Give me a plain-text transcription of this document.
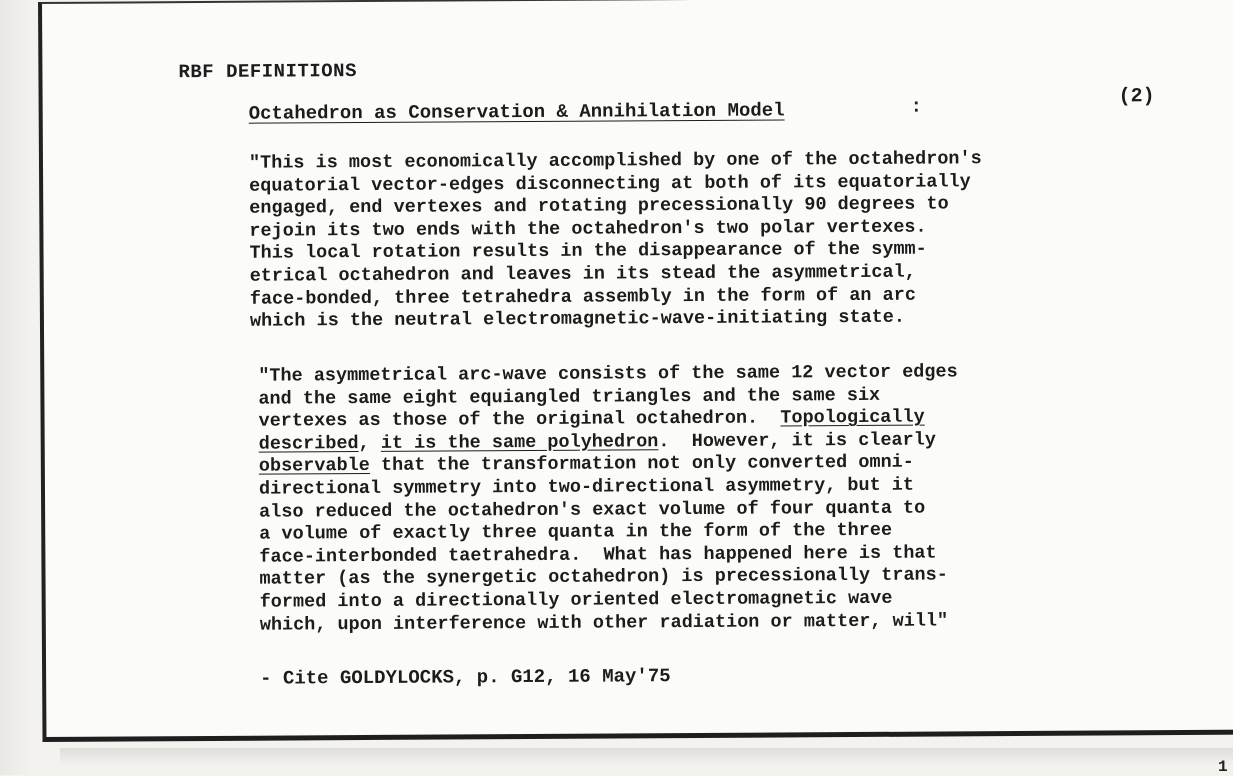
RBF DEFINITIONS
(2)
Octahedron as Conservation & Annihilation Model	:
"This is most economically accomplished by one of the octahedron's
equatorial vector-edges disconnecting at both of its equatorially
engaged, end vertexes and rotating precessionally 90 degrees to
rejoin its two ends with the octahedron's two polar vertexes.
This local rotation results in the disappearance of the symm-
etrical octahedron and leaves in its stead the asymmetrical,
face-bonded, three tetrahedra assembly in the form of an arc
which is the neutral electromagnetic-wave-initiating state.
"The asymmetrical arc-wave consists of the same 12 vector edges
and the same eight equiangled triangles and the same six
vertexes as those of the original octahedron.  Topologically
described, it is the same polyhedron.  However, it is clearly
observable that the transformation not only converted omni-
directional symmetry into two-directional asymmetry, but it
also reduced the octahedron's exact volume of four quanta to
a volume of exactly three quanta in the form of the three
face-interbonded taetrahedra.  What has happened here is that
matter (as the synergetic octahedron) is precessionally trans-
formed into a directionally oriented electromagnetic wave
which, upon interference with other radiation or matter, will"
- Cite GOLDYLOCKS, p. G12, 16 May'75
1
